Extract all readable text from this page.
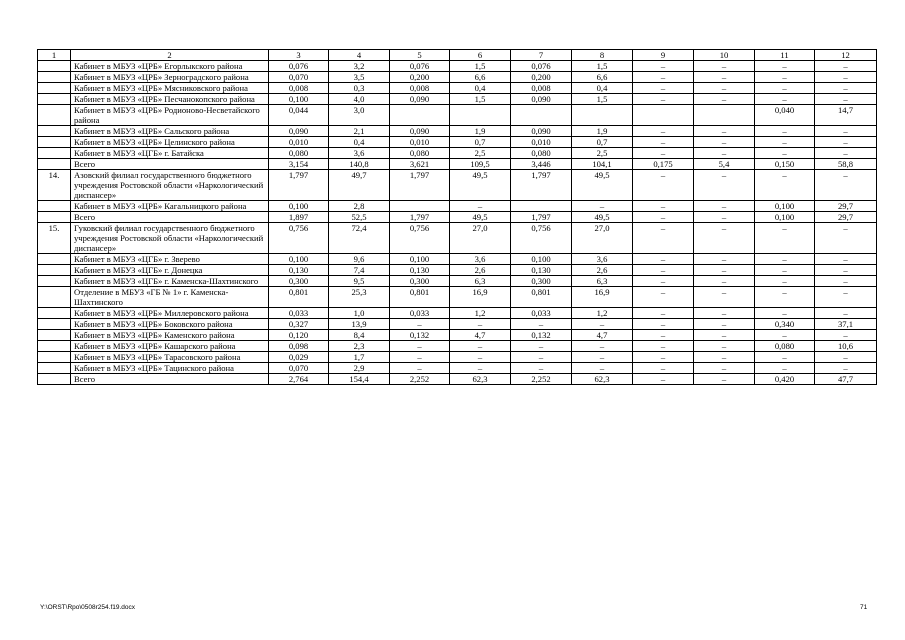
1	2	3	4	5	6	7	8	9	10	11	12
	Кабинет в МБУЗ «ЦРБ» Егорлыкского района	0,076	3,2	0,076	1,5	0,076	1,5	–	–	–	–
	Кабинет в МБУЗ «ЦРБ» Зерноградского района	0,070	3,5	0,200	6,6	0,200	6,6	–	–	–	–
	Кабинет в МБУЗ «ЦРБ» Мясниковского района	0,008	0,3	0,008	0,4	0,008	0,4	–	–	–	–
	Кабинет в МБУЗ «ЦРБ» Песчанокопского района	0,100	4,0	0,090	1,5	0,090	1,5	–	–	–	–
	Кабинет в МБУЗ «ЦРБ» Родионово-Несветайского района	0,044	3,0							0,040	14,7
	Кабинет в МБУЗ «ЦРБ» Сальского района	0,090	2,1	0,090	1,9	0,090	1,9	–	–	–	–
	Кабинет в МБУЗ «ЦРБ» Целинского района	0,010	0,4	0,010	0,7	0,010	0,7	–	–	–	–
	Кабинет в МБУЗ «ЦГБ» г. Батайска	0,080	3,6	0,080	2,5	0,080	2,5	–	–	–	–
	Всего	3,154	140,8	3,621	109,5	3,446	104,1	0,175	5,4	0,150	58,8
14.	Азовский филиал государственного бюджетного учреждения Ростовской области «Наркологический диспансер»	1,797	49,7	1,797	49,5	1,797	49,5	–	–	–	–
	Кабинет в МБУЗ «ЦРБ» Кагальницкого района	0,100	2,8		–		–	–	–	0,100	29,7
	Всего	1,897	52,5	1,797	49,5	1,797	49,5	–	–	0,100	29,7
15.	Гуковский филиал государственного бюджетного учреждения Ростовской области «Наркологический диспансер»	0,756	72,4	0,756	27,0	0,756	27,0	–	–	–	–
	Кабинет в МБУЗ «ЦГБ» г. Зверево	0,100	9,6	0,100	3,6	0,100	3,6	–	–	–	–
	Кабинет в МБУЗ «ЦГБ» г. Донецка	0,130	7,4	0,130	2,6	0,130	2,6	–	–	–	–
	Кабинет в МБУЗ «ЦГБ» г. Каменска-Шахтинского	0,300	9,5	0,300	6,3	0,300	6,3	–	–	–	–
	Отделение в МБУЗ «ГБ № 1» г. Каменска-Шахтинского	0,801	25,3	0,801	16,9	0,801	16,9	–	–	–	–
	Кабинет в МБУЗ «ЦРБ» Миллеровского района	0,033	1,0	0,033	1,2	0,033	1,2	–	–	–	–
	Кабинет в МБУЗ «ЦРБ» Боковского района	0,327	13,9	–	–	–	–	–	–	0,340	37,1
	Кабинет в МБУЗ «ЦРБ» Каменского района	0,120	8,4	0,132	4,7	0,132	4,7	–	–	–	–
	Кабинет в МБУЗ «ЦРБ» Кашарского района	0,098	2,3	–	–	–	–	–	–	0,080	10,6
	Кабинет в МБУЗ «ЦРБ» Тарасовского района	0,029	1,7	–	–	–	–	–	–	–	–
	Кабинет в МБУЗ «ЦРБ» Тацинского района	0,070	2,9	–	–	–	–	–	–	–	–
	Всего	2,764	154,4	2,252	62,3	2,252	62,3	–	–	0,420	47,7
Y:\ORST\Rpo\0508r254.f19.docx	71
